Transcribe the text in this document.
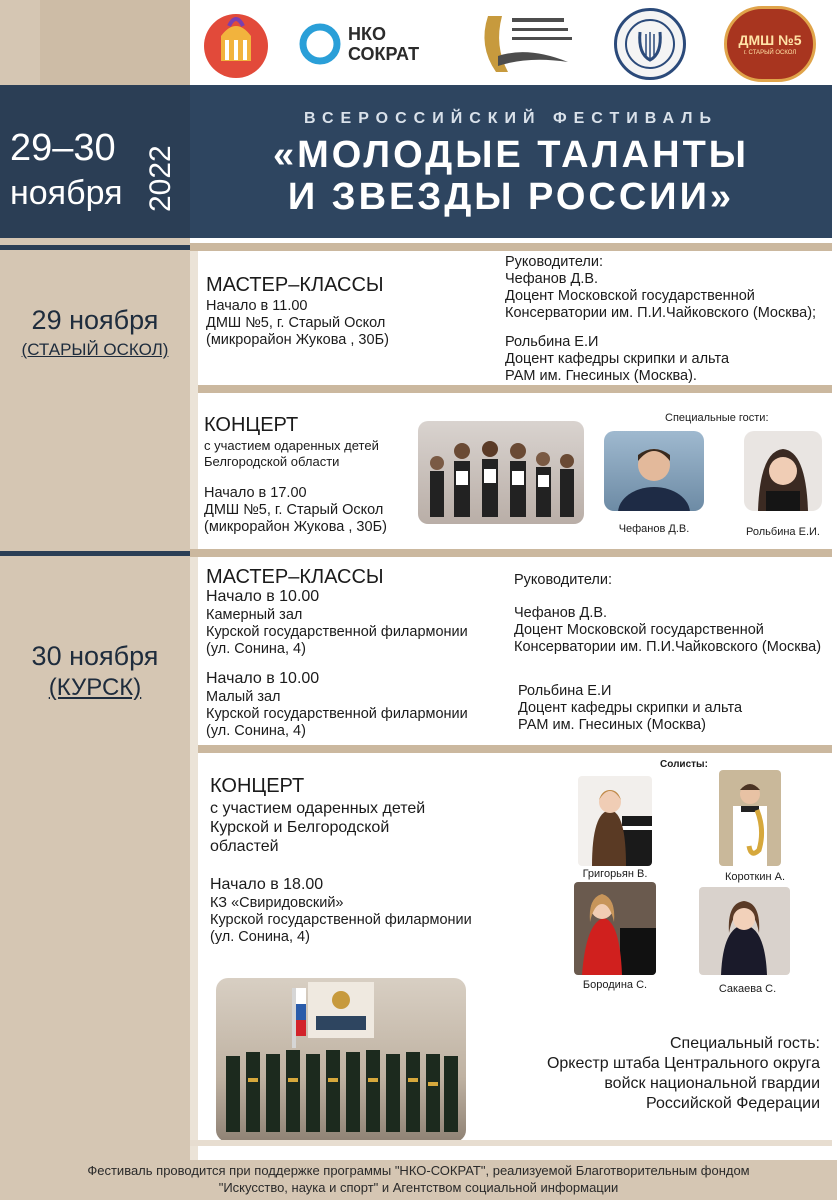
НКО
СОКРАТ
ДМШ №5
г. СТАРЫЙ ОСКОЛ
29–30
ноября 2022
ВСЕРОССИЙСКИЙ ФЕСТИВАЛЬ
«МОЛОДЫЕ ТАЛАНТЫ
И ЗВЕЗДЫ РОССИИ»
29 ноября
(СТАРЫЙ ОСКОЛ)
МАСТЕР–КЛАССЫ
Начало в 11.00
ДМШ №5, г. Старый Оскол
(микрорайон Жукова , 30Б)
Руководители:
Чефанов Д.В.
Доцент Московской государственной
Консерватории им. П.И.Чайковского (Москва);
Рольбина Е.И
Доцент кафедры скрипки и альта
РАМ им. Гнесиных (Москва).
КОНЦЕРТ
с участием одаренных детей
Белгородской области
Начало в 17.00
ДМШ №5, г. Старый Оскол
(микрорайон Жукова , 30Б)
Специальные гости:
Чефанов Д.В.	Рольбина Е.И.
30 ноября
(КУРСК)
МАСТЕР–КЛАССЫ
Начало в 10.00
Камерный зал
Курской государственной филармонии
(ул. Сонина, 4)
Начало в 10.00
Малый зал
Курской государственной филармонии
(ул. Сонина, 4)
Руководители:
Чефанов Д.В.
Доцент Московской государственной
Консерватории им. П.И.Чайковского (Москва)
Рольбина Е.И
Доцент кафедры скрипки и альта
РАМ им. Гнесиных (Москва)
КОНЦЕРТ
с участием одаренных детей
Курской и Белгородской
областей
Начало в 18.00
КЗ «Свиридовский»
Курской государственной филармонии
(ул. Сонина, 4)
Солисты:
Григорьян В.	Короткин А.
Бородина С.	Сакаева С.
Специальный гость:
Оркестр штаба Центрального округа
войск национальной гвардии
Российской Федерации
Фестиваль проводится при поддержке программы "НКО-СОКРАТ", реализуемой Благотворительным фондом
"Искусство, наука и спорт" и Агентством социальной информации
